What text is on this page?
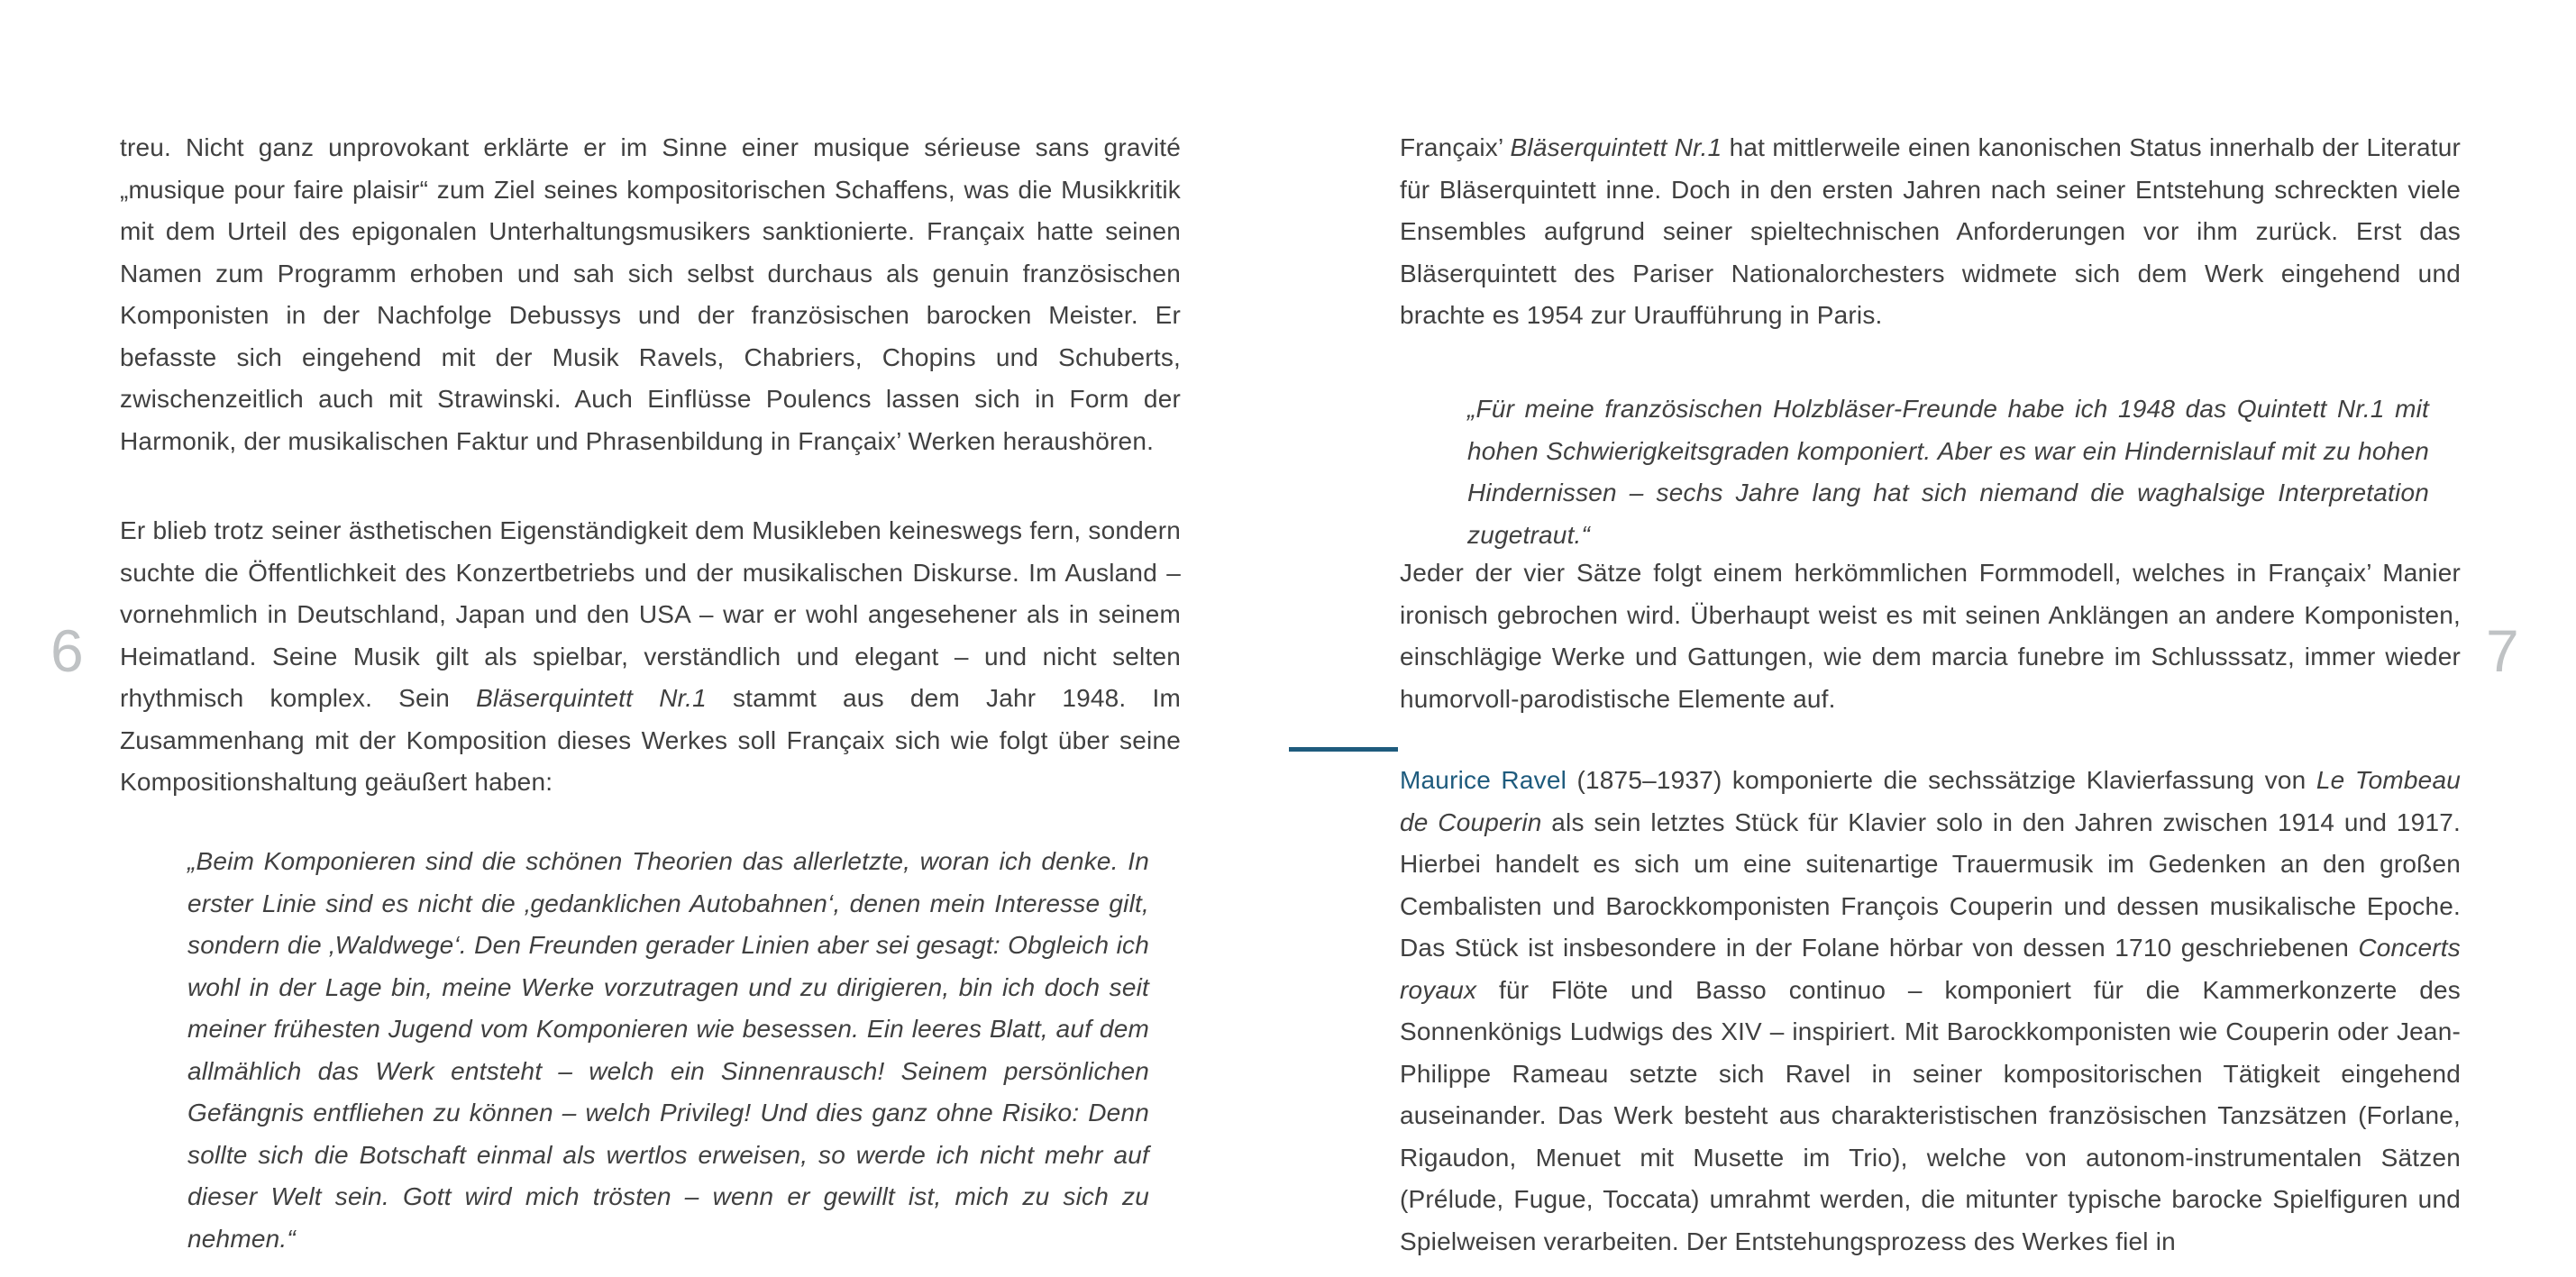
6	7

treu. Nicht ganz unprovokant erklärte er im Sinne einer musique sérieuse sans gravité „musique pour faire plaisir“ zum Ziel seines kompositorischen Schaffens, was die Musikkritik mit dem Urteil des epigonalen Unterhaltungsmusikers sanktionierte. Françaix hatte seinen Namen zum Programm erhoben und sah sich selbst durchaus als genuin französischen Komponisten in der Nachfolge Debussys und der französischen barocken Meister. Er befasste sich eingehend mit der Musik Ravels, Chabriers, Chopins und Schuberts, zwischenzeitlich auch mit Strawinski. Auch Einflüsse Poulencs lassen sich in Form der Harmonik, der musikalischen Faktur und Phrasenbildung in Françaix’ Werken heraushören.

Er blieb trotz seiner ästhetischen Eigenständigkeit dem Musikleben keineswegs fern, sondern suchte die Öffentlichkeit des Konzertbetriebs und der musikalischen Diskurse. Im Ausland – vornehmlich in Deutschland, Japan und den USA – war er wohl angesehener als in seinem Heimatland. Seine Musik gilt als spielbar, verständlich und elegant – und nicht selten rhythmisch komplex. Sein Bläserquintett Nr.1 stammt aus dem Jahr 1948. Im Zusammenhang mit der Komposition dieses Werkes soll Françaix sich wie folgt über seine Kompositionshaltung geäußert haben:

„Beim Komponieren sind die schönen Theorien das allerletzte, woran ich denke. In erster Linie sind es nicht die ‚gedanklichen Autobahnen‘, denen mein Interesse gilt, sondern die ‚Waldwege‘. Den Freunden gerader Linien aber sei gesagt: Obgleich ich wohl in der Lage bin, meine Werke vorzutragen und zu dirigieren, bin ich doch seit meiner frühesten Jugend vom Komponieren wie besessen. Ein leeres Blatt, auf dem allmählich das Werk entsteht – welch ein Sinnenrausch! Seinem persönlichen Gefängnis entfliehen zu können – welch Privileg! Und dies ganz ohne Risiko: Denn sollte sich die Botschaft einmal als wertlos erweisen, so werde ich nicht mehr auf dieser Welt sein. Gott wird mich trösten – wenn er gewillt ist, mich zu sich zu nehmen.“

Françaix’ Bläserquintett Nr.1 hat mittlerweile einen kanonischen Status innerhalb der Literatur für Bläserquintett inne. Doch in den ersten Jahren nach seiner Entstehung schreckten viele Ensembles aufgrund seiner spieltechnischen Anforderungen vor ihm zurück. Erst das Bläserquintett des Pariser Nationalorchesters widmete sich dem Werk eingehend und brachte es 1954 zur Uraufführung in Paris.

„Für meine französischen Holzbläser-Freunde habe ich 1948 das Quintett Nr.1 mit hohen Schwierigkeitsgraden komponiert. Aber es war ein Hindernislauf mit zu hohen Hindernissen – sechs Jahre lang hat sich niemand die waghalsige Interpretation zugetraut.“

Jeder der vier Sätze folgt einem herkömmlichen Formmodell, welches in Françaix’ Manier ironisch gebrochen wird. Überhaupt weist es mit seinen Anklängen an andere Komponisten, einschlägige Werke und Gattungen, wie dem marcia funebre im Schlusssatz, immer wieder humorvoll-parodistische Elemente auf.

Maurice Ravel (1875–1937) komponierte die sechssätzige Klavierfassung von Le Tombeau de Couperin als sein letztes Stück für Klavier solo in den Jahren zwischen 1914 und 1917. Hierbei handelt es sich um eine suitenartige Trauermusik im Gedenken an den großen Cembalisten und Barockkomponisten François Couperin und dessen musikalische Epoche. Das Stück ist insbesondere in der Folane hörbar von dessen 1710 geschriebenen Concerts royaux für Flöte und Basso continuo – komponiert für die Kammerkonzerte des Sonnenkönigs Ludwigs des XIV – inspiriert. Mit Barockkomponisten wie Couperin oder Jean-Philippe Rameau setzte sich Ravel in seiner kompositorischen Tätigkeit eingehend auseinander. Das Werk besteht aus charakteristischen französischen Tanzsätzen (Forlane, Rigaudon, Menuet mit Musette im Trio), welche von autonom-instrumentalen Sätzen (Prélude, Fugue, Toccata) umrahmt werden, die mitunter typische barocke Spielfiguren und Spielweisen verarbeiten. Der Entstehungsprozess des Werkes fiel in
